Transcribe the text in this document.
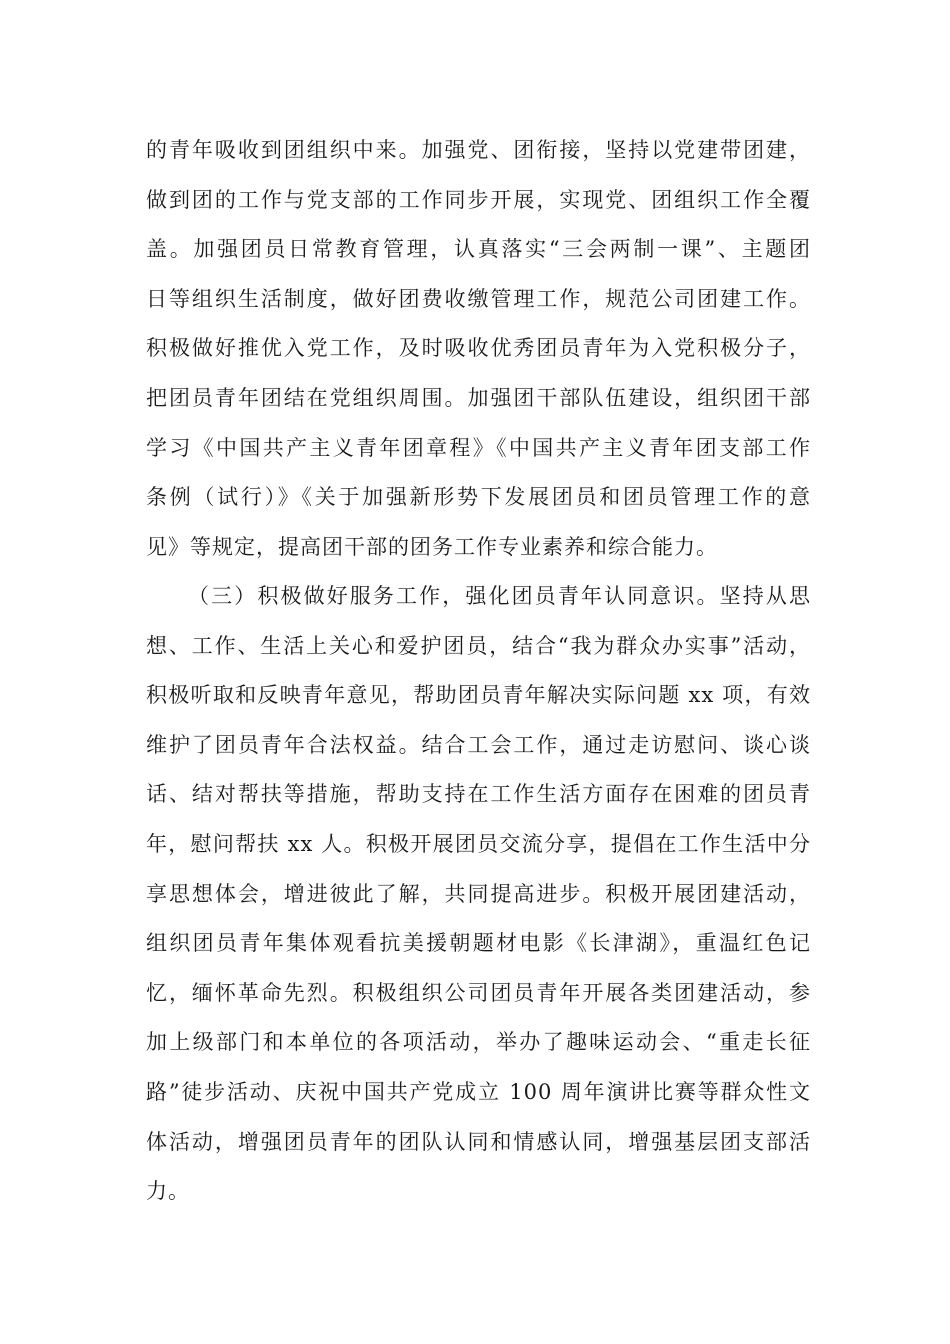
的青年吸收到团组织中来。加强党、团衔接，坚持以党建带团建，
做到团的工作与党支部的工作同步开展，实现党、团组织工作全覆
盖。加强团员日常教育管理，认真落实“三会两制一课”、主题团
日等组织生活制度，做好团费收缴管理工作，规范公司团建工作。
积极做好推优入党工作，及时吸收优秀团员青年为入党积极分子，
把团员青年团结在党组织周围。加强团干部队伍建设，组织团干部
学习《中国共产主义青年团章程》《中国共产主义青年团支部工作
条例（试行）》《关于加强新形势下发展团员和团员管理工作的意
见》等规定，提高团干部的团务工作专业素养和综合能力。
（三）积极做好服务工作，强化团员青年认同意识。坚持从思
想、工作、生活上关心和爱护团员，结合“我为群众办实事”活动，
积极听取和反映青年意见，帮助团员青年解决实际问题 xx 项，有效
维护了团员青年合法权益。结合工会工作，通过走访慰问、谈心谈
话、结对帮扶等措施，帮助支持在工作生活方面存在困难的团员青
年，慰问帮扶 xx 人。积极开展团员交流分享，提倡在工作生活中分
享思想体会，增进彼此了解，共同提高进步。积极开展团建活动，
组织团员青年集体观看抗美援朝题材电影《长津湖》，重温红色记
忆，缅怀革命先烈。积极组织公司团员青年开展各类团建活动，参
加上级部门和本单位的各项活动，举办了趣味运动会、“重走长征
路”徒步活动、庆祝中国共产党成立 100 周年演讲比赛等群众性文
体活动，增强团员青年的团队认同和情感认同，增强基层团支部活
力。
